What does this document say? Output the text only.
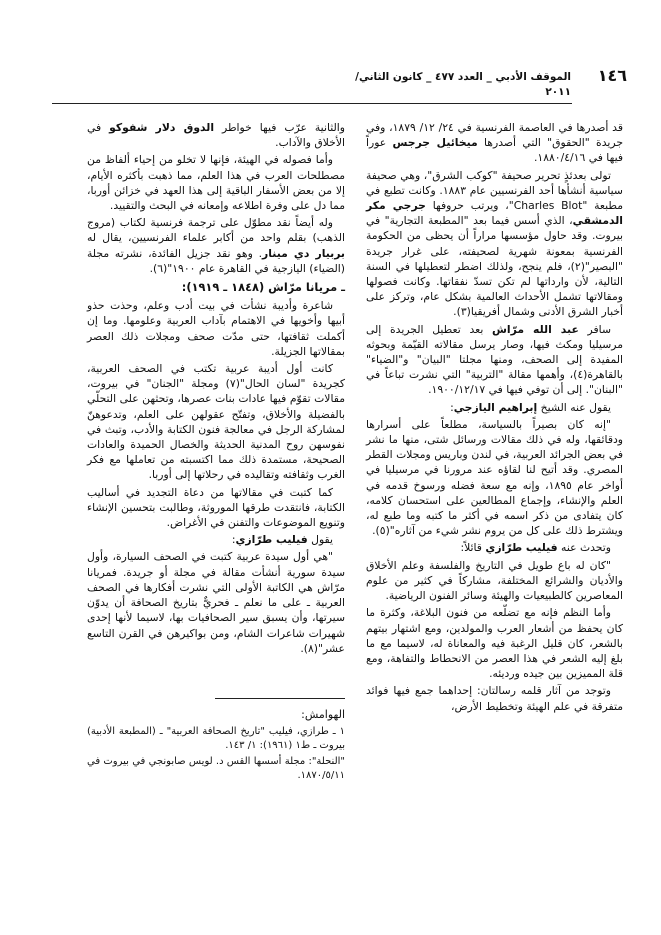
١٤٦
الموقف الأدبي _ العدد ٤٧٧ _ كانون الثاني/ ٢٠١١

قد أصدرها في العاصمة الفرنسية في ٢٤/ ١٢/ ١٨٧٩، وفي جريدة "الحقوق" التي أصدرها ميخائيل جرجس عوراً فيها في ١٨٨٠/٤/١٦.

تولى بعدئذٍ تحرير صحيفة "كوكب الشرق"، وهي صحيفة سياسية أنشأها أحد الفرنسيين عام ١٨٨٣. وكانت تطبع في مطبعة "Charles Blot"، ويرتب حروفها جرجي مكر الدمشقي، الذي أسس فيما بعد "المطبعة التجارية" في بيروت. وقد حاول مؤسسها مراراً أن يحظى من الحكومة الفرنسية بمعونة شهرية لصحيفته، على غرار جريدة "البصير"(٢)، فلم ينجح، ولذلك اضطر لتعطيلها في السنة التالية، لأن وارداتها لم تكن تسدّ نفقاتها. وكانت فصولها ومقالاتها تشمل الأحداث العالمية بشكل عام، وتركز على أخبار الشرق الأدنى وشمال أفريقيا(٣).

سافر عبد الله مرّاش بعد تعطيل الجريدة إلى مرسيليا ومكث فيها، وصار يرسل مقالاته القيّمة وبحوثه المفيدة إلى الصحف، ومنها مجلتا "البيان" و"الضياء" بالقاهرة(٤)، وأهمها مقالة "التربية" التي نشرت تباعاً في "البنان". إلى أن توفي فيها في ١٩٠٠/١٢/١٧.

يقول عنه الشيخ إبراهيم اليازجي:

"إنه كان بصيراً بالسياسة، مطلعاً على أسرارها ودقائقها، وله في ذلك مقالات ورسائل شتى، منها ما نشر في بعض الجرائد العربية، في لندن وباريس ومجلات القطر المصري. وقد أتيح لنا لقاؤه عند مرورنا في مرسيليا في أواخر عام ١٨٩٥، وإنه مع سعة فضله ورسوخ قدمه في العلم والإنشاء، وإجماع المطالعين على استحسان كلامه، كان يتفادى من ذكر اسمه في أكثر ما كتبه وما طبع له، ويشترط ذلك على كل من يروم نشر شيء من آثاره"(٥).

وتحدث عنه فيليب طرّازي قائلاً:

"كان له باع طويل في التاريخ والفلسفة وعلم الأخلاق والأديان والشرائع المختلفة، مشاركاً في كثير من علوم المعاصرين كالطبيعيات والهيئة وسائر الفنون الرياضية.

وأما النظم فإنه مع تضلّعه من فنون البلاغة، وكثرة ما كان يحفظ من أشعار العرب والمولدين، ومع اشتهار بيتهم بالشعر، كان قليل الرغبة فيه والمعاناة له، لاسيما مع ما بلغ إليه الشعر في هذا العصر من الانحطاط والتفاهة، ومع قلة المميزين بين جيده ورديئه.

وتوجد من آثار قلمه رسالتان: إحداهما جمع فيها فوائد متفرقة في علم الهيئة وتخطيط الأرض،

والثانية عرّب فيها خواطر الدوق دلار شفوكو في الأخلاق والآداب.

وأما فصوله في الهيئة، فإنها لا تخلو من إحياء ألفاظ من مصطلحات العرب في هذا العلم، مما ذهبت بأكثره الأيام، إلا من بعض الأسفار الباقية إلى هذا العهد في خزائن أوربا، مما دل على وفرة اطلاعه وإمعانه في البحث والتقييد.

وله أيضاً نقد مطوّل على ترجمة فرنسية لكتاب (مروج الذهب) بقلم واحد من أكابر علماء الفرنسيين، يقال له بربيار دي مينار. وهو نقد جزيل الفائدة، نشرته مجلة (الضياء) اليازجية في القاهرة عام ١٩٠٠"(٦).

ـ مريانا مرّاش (١٨٤٨ ـ ١٩١٩):

شاعرة وأديبة نشأت في بيت أدب وعلم، وحذت حذو أبيها وأخويها في الاهتمام بآداب العربية وعلومها. وما إن أكملت ثقافتها، حتى مدّت صحف ومجلات ذلك العصر بمقالاتها الجزيلة.

كانت أول أديبة عربية تكتب في الصحف العربية، كجريدة "لسان الحال"(٧) ومجلة "الجنان" في بيروت، مقالات تقوّم فيها عادات بنات عصرها، وتحثهن على التحلّي بالفضيلة والأخلاق، وتفتّح عقولهن على العلم، وتدعوهنّ لمشاركة الرجل في معالجة فنون الكتابة والأدب، وتبث في نفوسهن روح المدنية الحديثة والخصال الحميدة والعادات الصحيحة، مستمدة ذلك مما اكتسبته من تعاملها مع فكر الغرب وثقافته وتقاليده في رحلاتها إلى أوربا.

كما كتبت في مقالاتها من دعاة التجديد في أساليب الكتابة، فانتقدت طرقها الموروثة، وطالبت بتحسين الإنشاء وتنويع الموضوعات والتفنن في الأغراض.

يقول فيليب طرّازي:

"هي أول سيدة عربية كتبت في الصحف السيارة، وأول سيدة سورية أنشأت مقالة في مجلة أو جريدة. فمريانا مرّاش هي الكاتبة الأولى التي نشرت أفكارها في الصحف العربية ـ على ما نعلم ـ فحريٌّ بتاريخ الصحافة أن يدوّن سيرتها، وأن يسبق سير الصحافيات بها، لاسيما لأنها إحدى شهيرات شاعرات الشام، ومن بواكيرهن في القرن التاسع عشر"(٨).

الهوامش:

١ ـ طرازي، فيليب "تاريخ الصحافة العربية" ـ (المطبعة الأدبية) بيروت ـ ط١ (١٩٦١): ١/ ١٤٣.

"النحلة": مجلة أسسها القس د. لويس صابونجي في بيروت في ١٨٧٠/٥/١١.
